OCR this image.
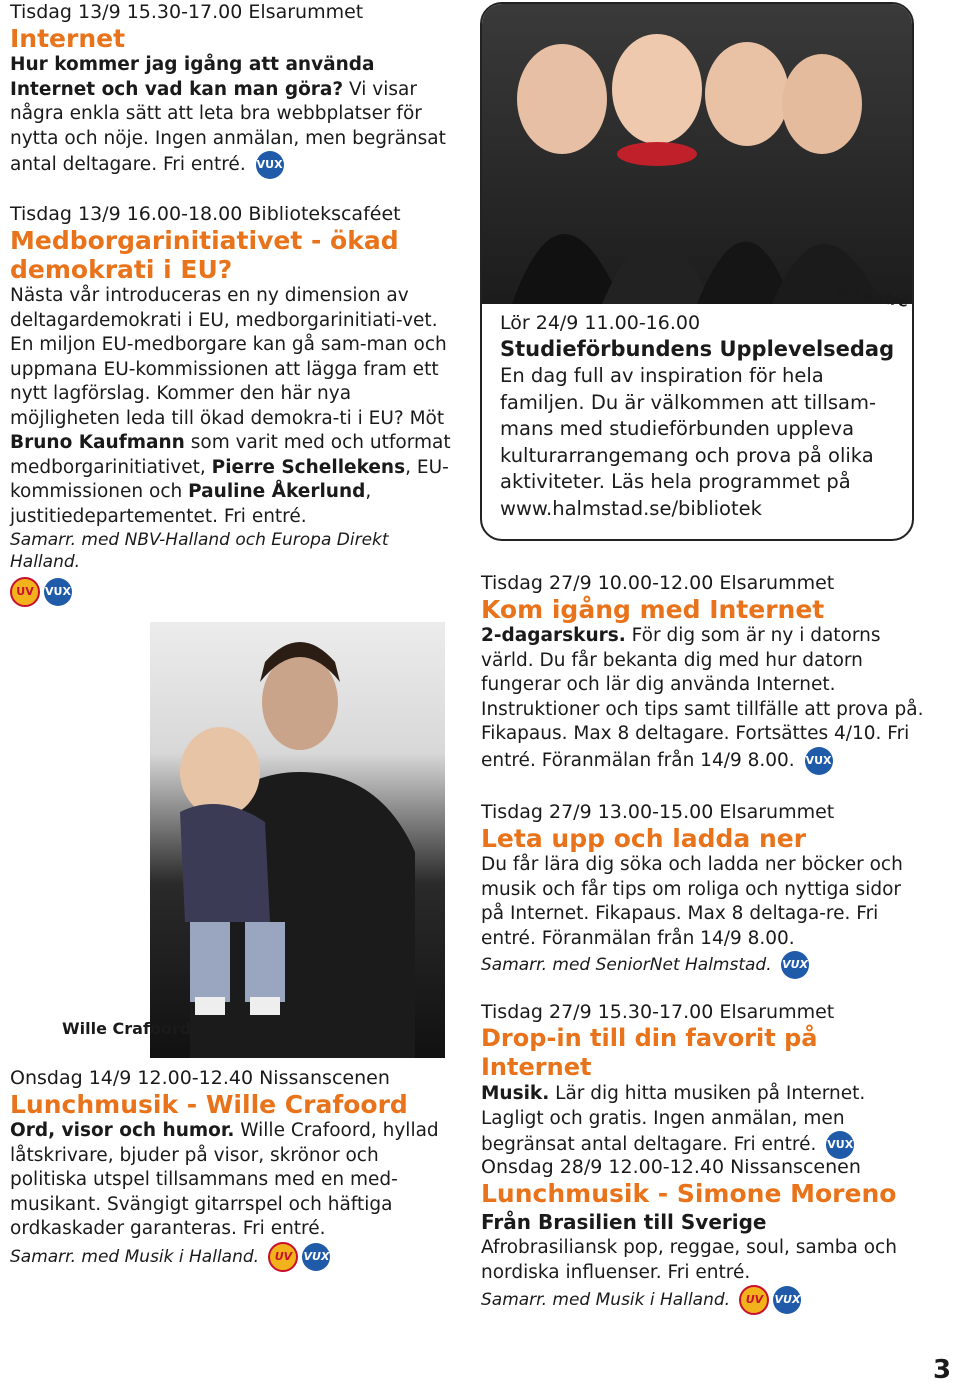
Tisdag 13/9 15.30-17.00 Elsarummet
Internet
Hur kommer jag igång att använda Internet och vad kan man göra? Vi visar några enkla sätt att leta bra webbplatser för nytta och nöje. Ingen anmälan, men begränsat antal deltagare. Fri entré. VUX
Tisdag 13/9 16.00-18.00 Bibliotekscaféet
Medborgarinitiativet - ökad demokrati i EU?
Nästa vår introduceras en ny dimension av deltagardemokrati i EU, medborgarinitiati-vet. En miljon EU-medborgare kan gå sam-man och uppmana EU-kommissionen att lägga fram ett nytt lagförslag. Kommer den här nya möjligheten leda till ökad demokra-ti i EU? Möt Bruno Kaufmann som varit med och utformat medborgarinitiativet, Pierre Schellekens, EU-kommissionen och Pauline Åkerlund, justitiedepartementet. Fri entré.
Samarr. med NBV-Halland och Europa Direkt Halland.
UV VUX
Wille Crafoord
Onsdag 14/9 12.00-12.40 Nissanscenen
Lunchmusik - Wille Crafoord
Ord, visor och humor. Wille Crafoord, hyllad låtskrivare, bjuder på visor, skrönor och politiska utspel tillsammans med en med-musikant. Svängigt gitarrspel och häftiga ordkaskader garanteras. Fri entré.
Samarr. med Musik i Halland. UV VUX
Fri entré
Lör 24/9 11.00-16.00
Studieförbundens Upplevelsedag
En dag full av inspiration för hela familjen. Du är välkommen att tillsam-mans med studieförbunden uppleva kulturarrangemang och prova på olika aktiviteter. Läs hela programmet på www.halmstad.se/bibliotek
Tisdag 27/9 10.00-12.00 Elsarummet
Kom igång med Internet
2-dagarskurs. För dig som är ny i datorns värld. Du får bekanta dig med hur datorn fungerar och lär dig använda Internet. Instruktioner och tips samt tillfälle att prova på. Fikapaus. Max 8 deltagare. Fortsättes 4/10. Fri entré. Föranmälan från 14/9 8.00. VUX
Tisdag 27/9 13.00-15.00 Elsarummet
Leta upp och ladda ner
Du får lära dig söka och ladda ner böcker och musik och får tips om roliga och nyttiga sidor på Internet. Fikapaus. Max 8 deltaga-re. Fri entré. Föranmälan från 14/9 8.00.
Samarr. med SeniorNet Halmstad. VUX
Tisdag 27/9 15.30-17.00 Elsarummet
Drop-in till din favorit på Internet
Musik. Lär dig hitta musiken på Internet. Lagligt och gratis. Ingen anmälan, men begränsat antal deltagare. Fri entré. VUX
Onsdag 28/9 12.00-12.40 Nissanscenen
Lunchmusik - Simone Moreno
Från Brasilien till Sverige
Afrobrasiliansk pop, reggae, soul, samba och nordiska influenser. Fri entré.
Samarr. med Musik i Halland. UV VUX
3
